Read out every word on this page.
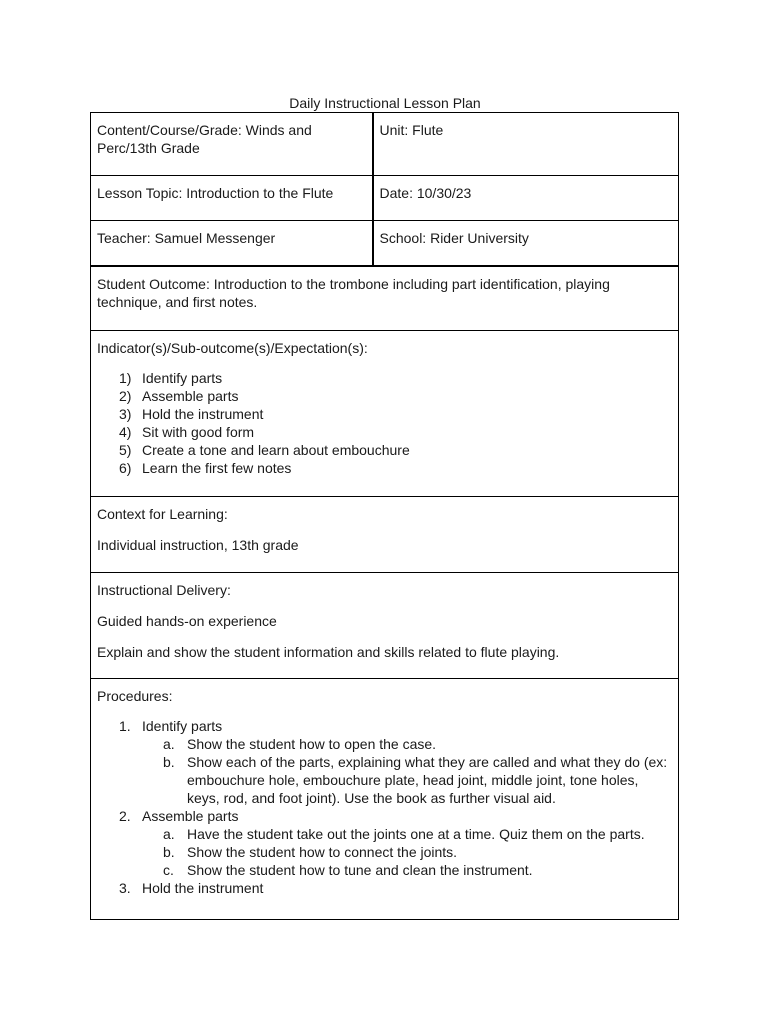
Daily Instructional Lesson Plan
Content/Course/Grade: Winds and Perc/13th Grade	Unit: Flute
Lesson Topic: Introduction to the Flute	Date: 10/30/23
Teacher: Samuel Messenger	School: Rider University

Student Outcome: Introduction to the trombone including part identification, playing technique, and first notes.

Indicator(s)/Sub-outcome(s)/Expectation(s):

1) Identify parts
2) Assemble parts
3) Hold the instrument
4) Sit with good form
5) Create a tone and learn about embouchure
6) Learn the first few notes

Context for Learning:

Individual instruction, 13th grade

Instructional Delivery:

Guided hands-on experience

Explain and show the student information and skills related to flute playing.

Procedures:

1. Identify parts
a. Show the student how to open the case.
b. Show each of the parts, explaining what they are called and what they do (ex: embouchure hole, embouchure plate, head joint, middle joint, tone holes, keys, rod, and foot joint). Use the book as further visual aid.
2. Assemble parts
a. Have the student take out the joints one at a time. Quiz them on the parts.
b. Show the student how to connect the joints.
c. Show the student how to tune and clean the instrument.
3. Hold the instrument
